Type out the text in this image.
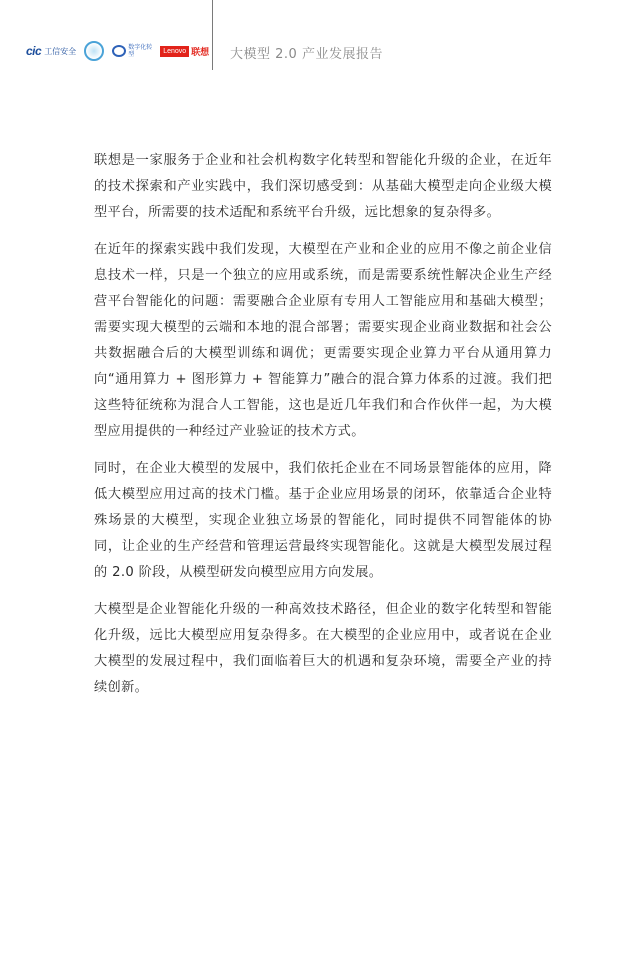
cic 工信安全	数字化转型	Lenovo 联想 大模型 2.0 产业发展报告

联想是一家服务于企业和社会机构数字化转型和智能化升级的企业，在近年的技术探索和产业实践中，我们深切感受到：从基础大模型走向企业级大模型平台，所需要的技术适配和系统平台升级，远比想象的复杂得多。

在近年的探索实践中我们发现，大模型在产业和企业的应用不像之前企业信息技术一样，只是一个独立的应用或系统，而是需要系统性解决企业生产经营平台智能化的问题：需要融合企业原有专用人工智能应用和基础大模型；需要实现大模型的云端和本地的混合部署；需要实现企业商业数据和社会公共数据融合后的大模型训练和调优；更需要实现企业算力平台从通用算力向“通用算力 + 图形算力 + 智能算力”融合的混合算力体系的过渡。我们把这些特征统称为混合人工智能，这也是近几年我们和合作伙伴一起，为大模型应用提供的一种经过产业验证的技术方式。

同时，在企业大模型的发展中，我们依托企业在不同场景智能体的应用，降低大模型应用过高的技术门槛。基于企业应用场景的闭环，依靠适合企业特殊场景的大模型，实现企业独立场景的智能化，同时提供不同智能体的协同，让企业的生产经营和管理运营最终实现智能化。这就是大模型发展过程的 2.0 阶段，从模型研发向模型应用方向发展。

大模型是企业智能化升级的一种高效技术路径，但企业的数字化转型和智能化升级，远比大模型应用复杂得多。在大模型的企业应用中，或者说在企业大模型的发展过程中，我们面临着巨大的机遇和复杂环境，需要全产业的持续创新。
